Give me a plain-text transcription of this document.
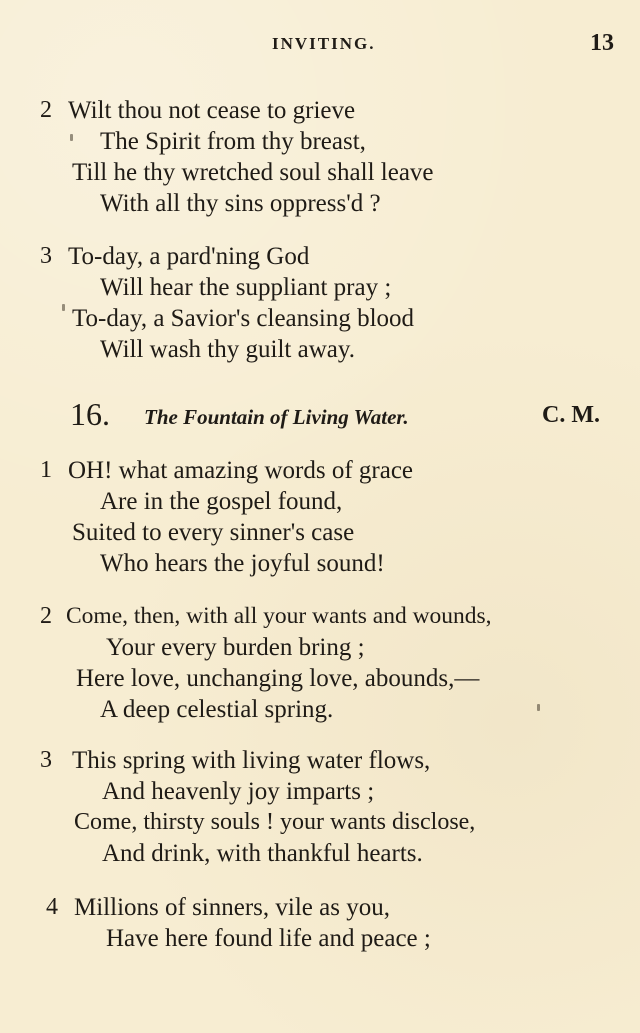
INVITING.	13
2 Wilt thou not cease to grieve
The Spirit from thy breast,
Till he thy wretched soul shall leave
With all thy sins oppress'd ?
3 To-day, a pard'ning God
Will hear the suppliant pray ;
To-day, a Savior's cleansing blood
Will wash thy guilt away.
16. The Fountain of Living Water.	C. M.
1 OH! what amazing words of grace
Are in the gospel found,
Suited to every sinner's case
Who hears the joyful sound!
2 Come, then, with all your wants and wounds,
Your every burden bring ;
Here love, unchanging love, abounds,—
A deep celestial spring.
3 This spring with living water flows,
And heavenly joy imparts ;
Come, thirsty souls ! your wants disclose,
And drink, with thankful hearts.
4 Millions of sinners, vile as you,
Have here found life and peace ;
